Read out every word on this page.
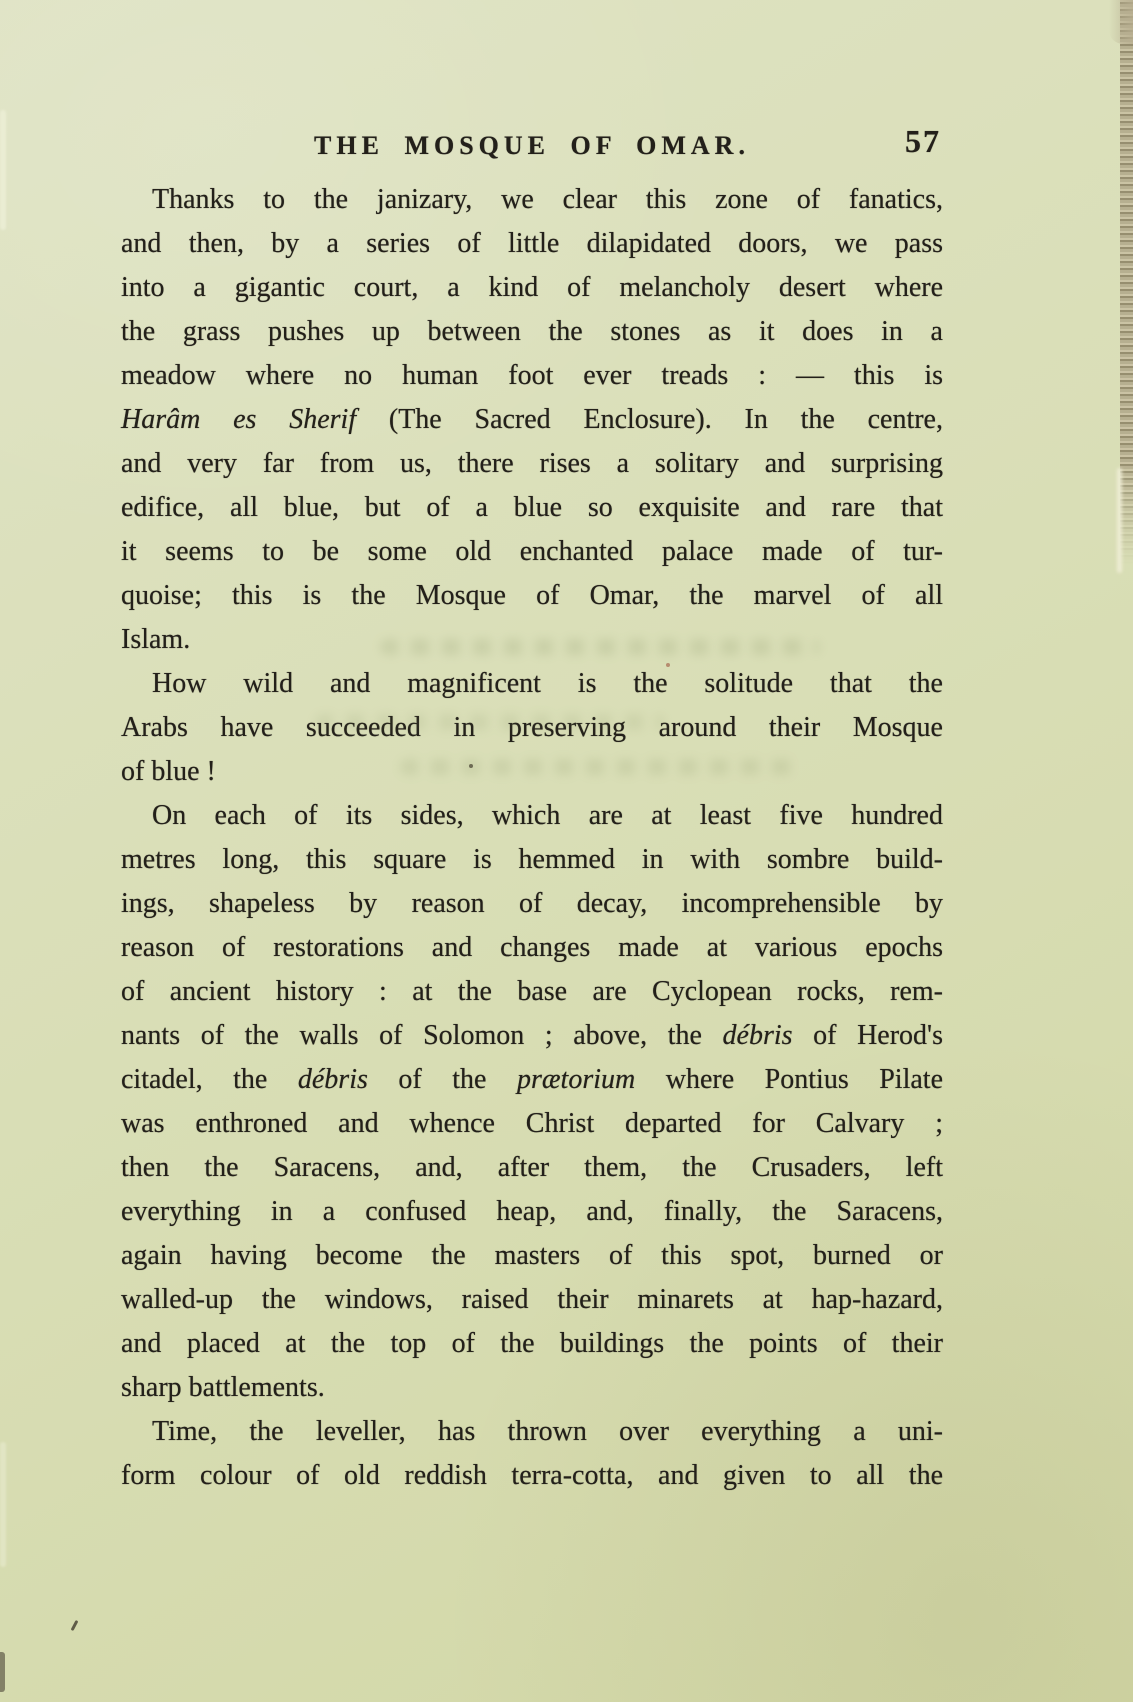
THE MOSQUE OF OMAR.	57
Thanks to the janizary, we clear this zone of fanatics,
and then, by a series of little dilapidated doors, we pass
into a gigantic court, a kind of melancholy desert where
the grass pushes up between the stones as it does in a
meadow where no human foot ever treads : — this is
Harâm es Sherif (The Sacred Enclosure). In the centre,
and very far from us, there rises a solitary and surprising
edifice, all blue, but of a blue so exquisite and rare that
it seems to be some old enchanted palace made of tur-
quoise; this is the Mosque of Omar, the marvel of all
Islam.
How wild and magnificent is the solitude that the
Arabs have succeeded in preserving around their Mosque
of blue !
On each of its sides, which are at least five hundred
metres long, this square is hemmed in with sombre build-
ings, shapeless by reason of decay, incomprehensible by
reason of restorations and changes made at various epochs
of ancient history : at the base are Cyclopean rocks, rem-
nants of the walls of Solomon ; above, the débris of Herod's
citadel, the débris of the prætorium where Pontius Pilate
was enthroned and whence Christ departed for Calvary ;
then the Saracens, and, after them, the Crusaders, left
everything in a confused heap, and, finally, the Saracens,
again having become the masters of this spot, burned or
walled-up the windows, raised their minarets at hap-hazard,
and placed at the top of the buildings the points of their
sharp battlements.
Time, the leveller, has thrown over everything a uni-
form colour of old reddish terra-cotta, and given to all the
